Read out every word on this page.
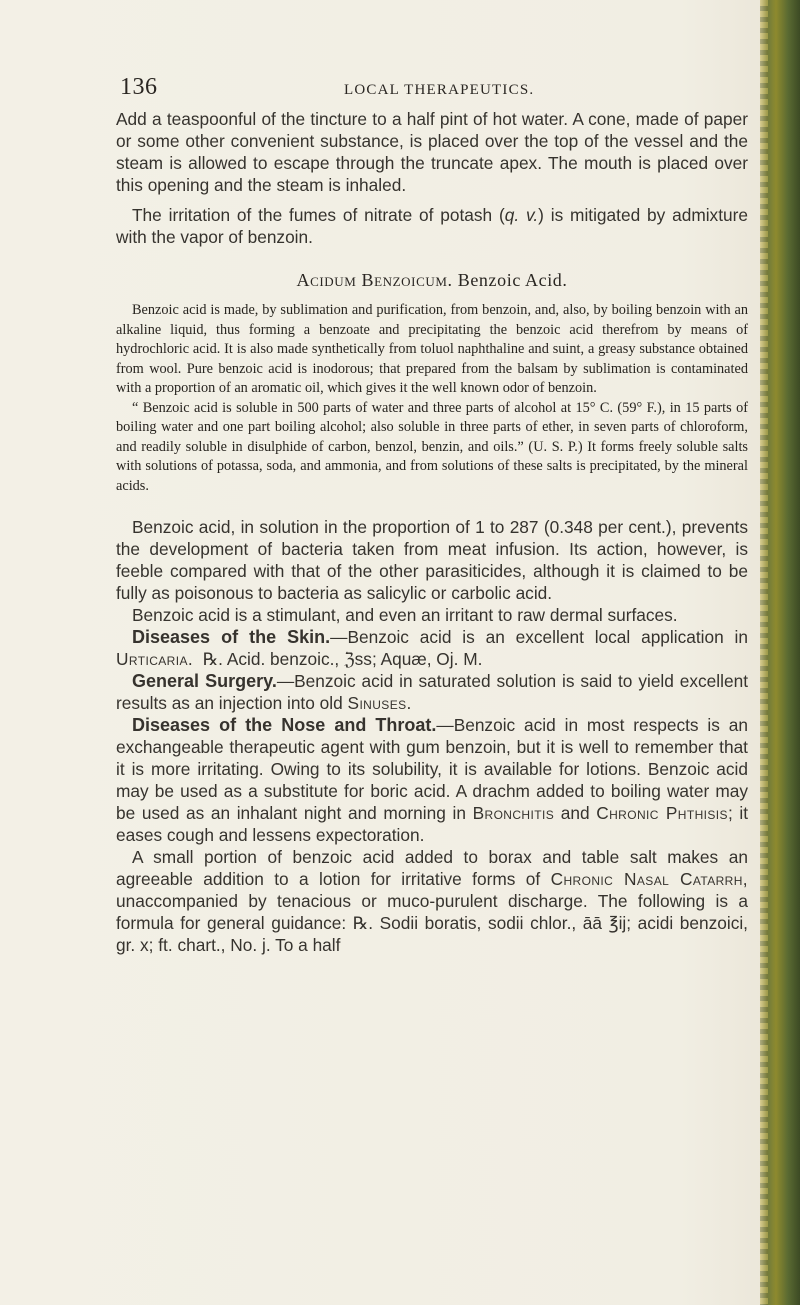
136	LOCAL THERAPEUTICS.

Add a teaspoonful of the tincture to a half pint of hot water. A cone, made of paper or some other convenient substance, is placed over the top of the vessel and the steam is allowed to escape through the truncate apex. The mouth is placed over this opening and the steam is inhaled.

The irritation of the fumes of nitrate of potash (q. v.) is mitigated by admixture with the vapor of benzoin.

Acidum Benzoicum. Benzoic Acid.

Benzoic acid is made, by sublimation and purification, from benzoin, and, also, by boiling benzoin with an alkaline liquid, thus forming a benzoate and precipitating the benzoic acid therefrom by means of hydrochloric acid. It is also made synthetically from toluol naphthaline and suint, a greasy substance obtained from wool. Pure benzoic acid is inodorous; that prepared from the balsam by sublimation is contaminated with a proportion of an aromatic oil, which gives it the well known odor of benzoin.

“ Benzoic acid is soluble in 500 parts of water and three parts of alcohol at 15° C. (59° F.), in 15 parts of boiling water and one part boiling alcohol; also soluble in three parts of ether, in seven parts of chloroform, and readily soluble in disulphide of carbon, benzol, benzin, and oils.” (U. S. P.) It forms freely soluble salts with solutions of potassa, soda, and ammonia, and from solutions of these salts is precipitated, by the mineral acids.

Benzoic acid, in solution in the proportion of 1 to 287 (0.348 per cent.), prevents the development of bacteria taken from meat infusion. Its action, however, is feeble compared with that of the other parasiticides, although it is claimed to be fully as poisonous to bacteria as salicylic or carbolic acid.

Benzoic acid is a stimulant, and even an irritant to raw dermal surfaces.

Diseases of the Skin.—Benzoic acid is an excellent local application in Urticaria. ℞. Acid. benzoic., ℨss; Aquæ, Oj. M.

General Surgery.—Benzoic acid in saturated solution is said to yield excellent results as an injection into old Sinuses.

Diseases of the Nose and Throat.—Benzoic acid in most respects is an exchangeable therapeutic agent with gum benzoin, but it is well to remember that it is more irritating. Owing to its solubility, it is available for lotions. Benzoic acid may be used as a substitute for boric acid. A drachm added to boiling water may be used as an inhalant night and morning in Bronchitis and Chronic Phthisis; it eases cough and lessens expectoration.

A small portion of benzoic acid added to borax and table salt makes an agreeable addition to a lotion for irritative forms of Chronic Nasal Catarrh, unaccompanied by tenacious or muco-purulent discharge. The following is a formula for general guidance: ℞. Sodii boratis, sodii chlor., āā ℥ij; acidi benzoici, gr. x; ft. chart., No. j. To a half
